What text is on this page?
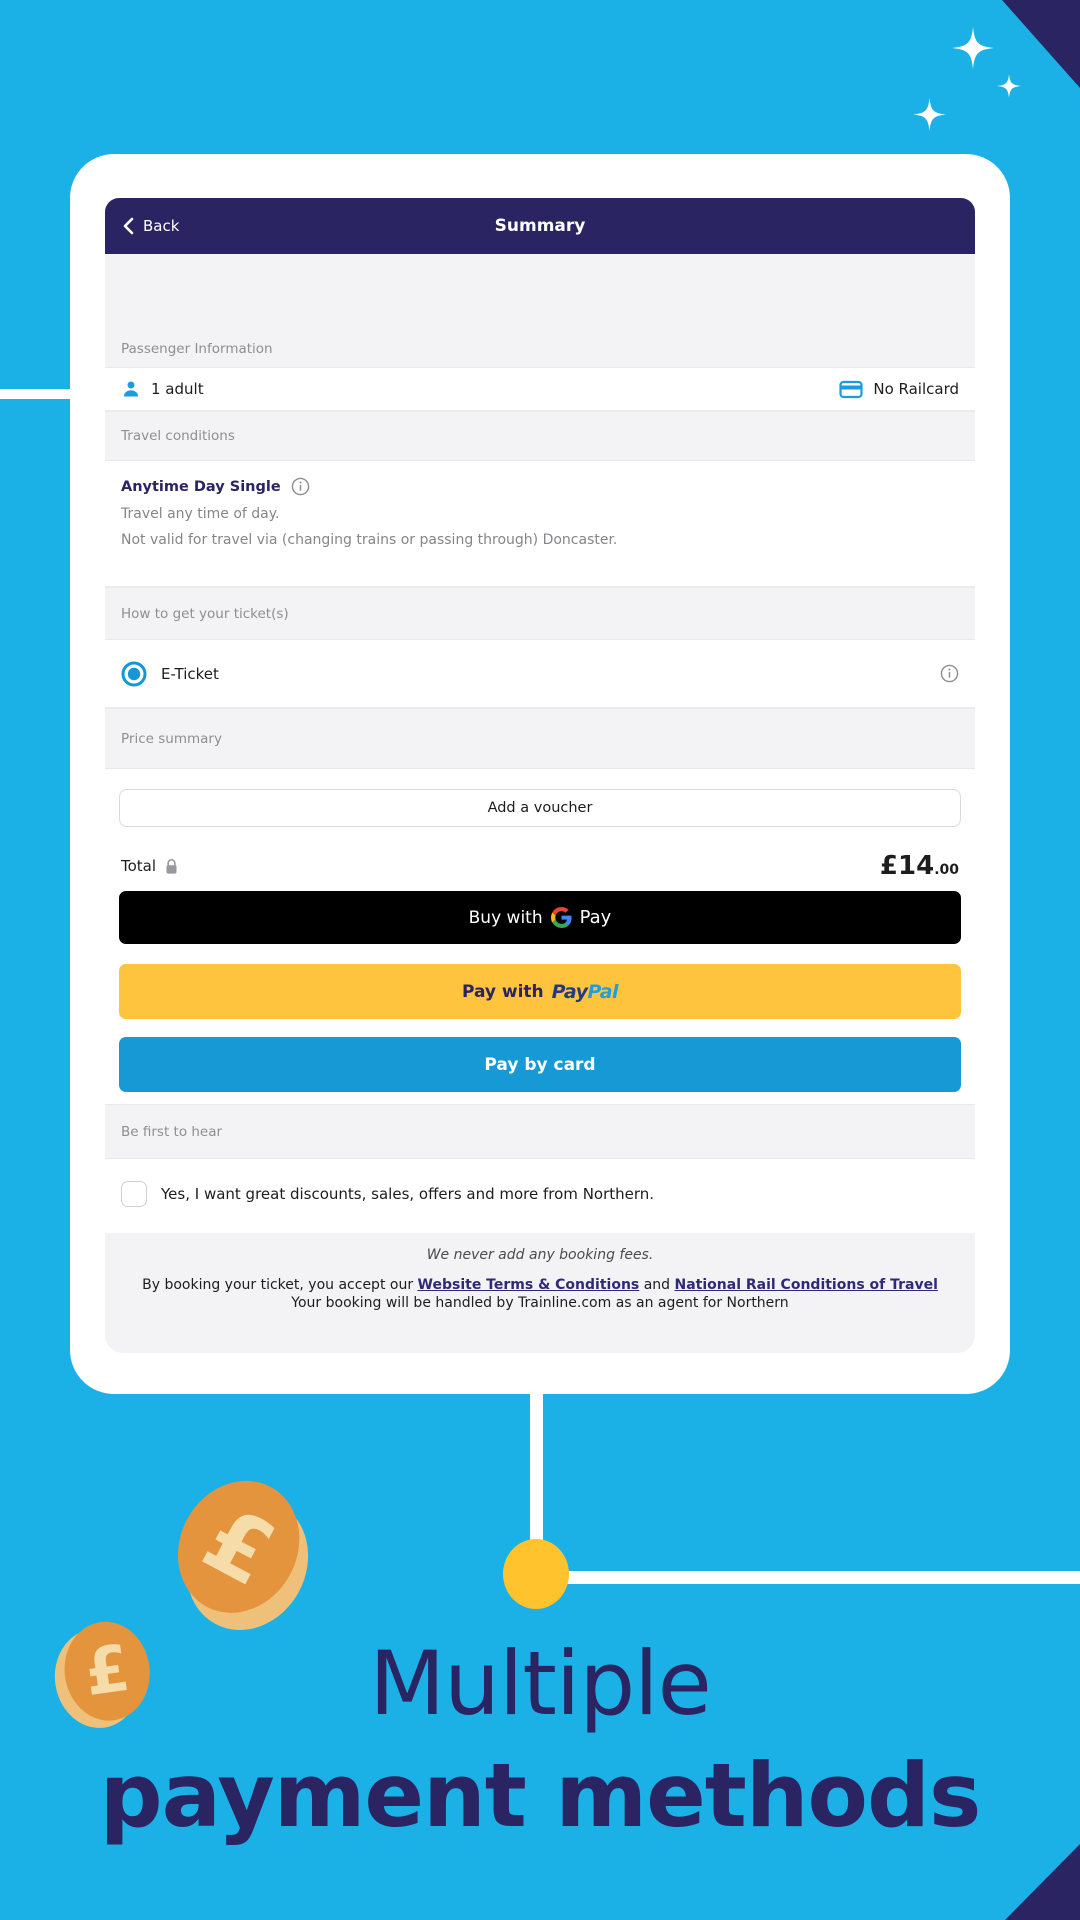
£
£	Multiple
payment methods
Back	Summary
Passenger Information
1 adult	No Railcard
Travel conditions
Anytime Day Single
Travel any time of day.
Not valid for travel via (changing trains or passing through) Doncaster.
How to get your ticket(s)
E-Ticket
Price summary
Add a voucher
Total	£14.00
Buy with Pay
Pay with PayPal
Pay by card
Be first to hear
Yes, I want great discounts, sales, offers and more from Northern.
We never add any booking fees.
By booking your ticket, you accept our Website Terms & Conditions and National Rail Conditions of Travel
Your booking will be handled by Trainline.com as an agent for Northern
